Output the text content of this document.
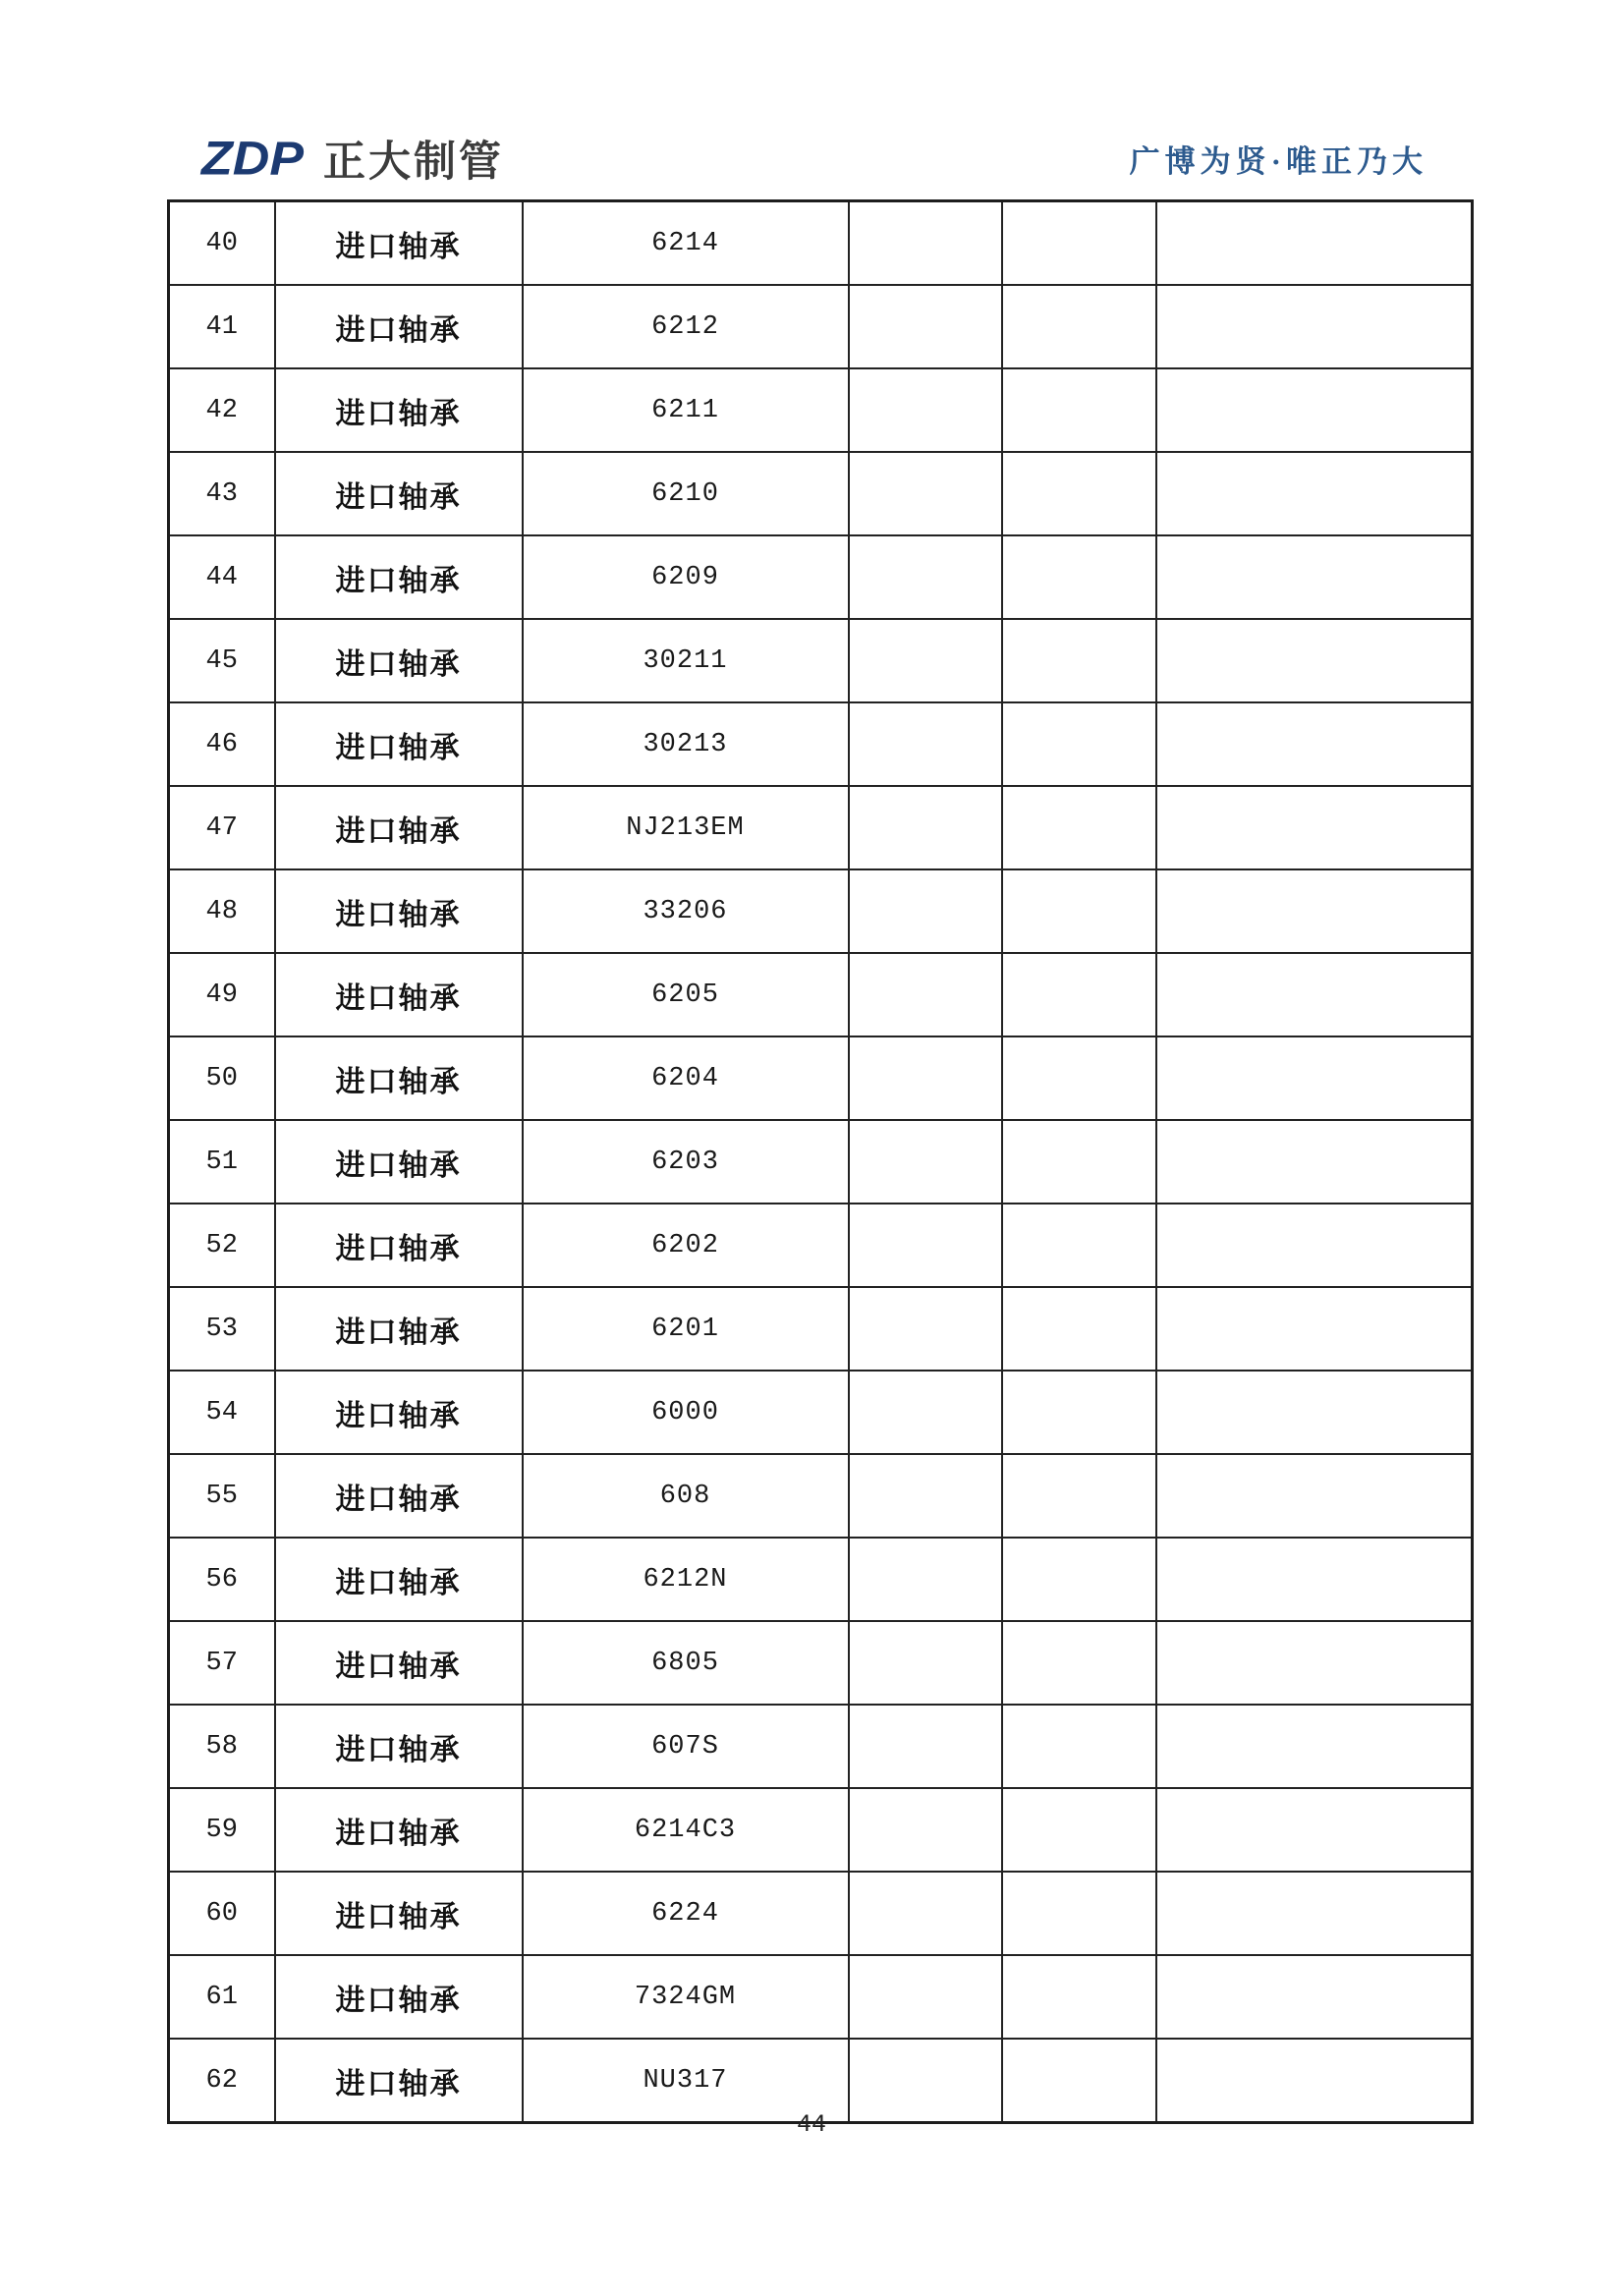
ZDP 正大制管	广博为贤·唯正乃大
40	进口轴承	6214			
41	进口轴承	6212			
42	进口轴承	6211			
43	进口轴承	6210			
44	进口轴承	6209			
45	进口轴承	30211			
46	进口轴承	30213			
47	进口轴承	NJ213EM			
48	进口轴承	33206			
49	进口轴承	6205			
50	进口轴承	6204			
51	进口轴承	6203			
52	进口轴承	6202			
53	进口轴承	6201			
54	进口轴承	6000			
55	进口轴承	608			
56	进口轴承	6212N			
57	进口轴承	6805			
58	进口轴承	607S			
59	进口轴承	6214C3			
60	进口轴承	6224			
61	进口轴承	7324GM			
62	进口轴承	NU317			
44
